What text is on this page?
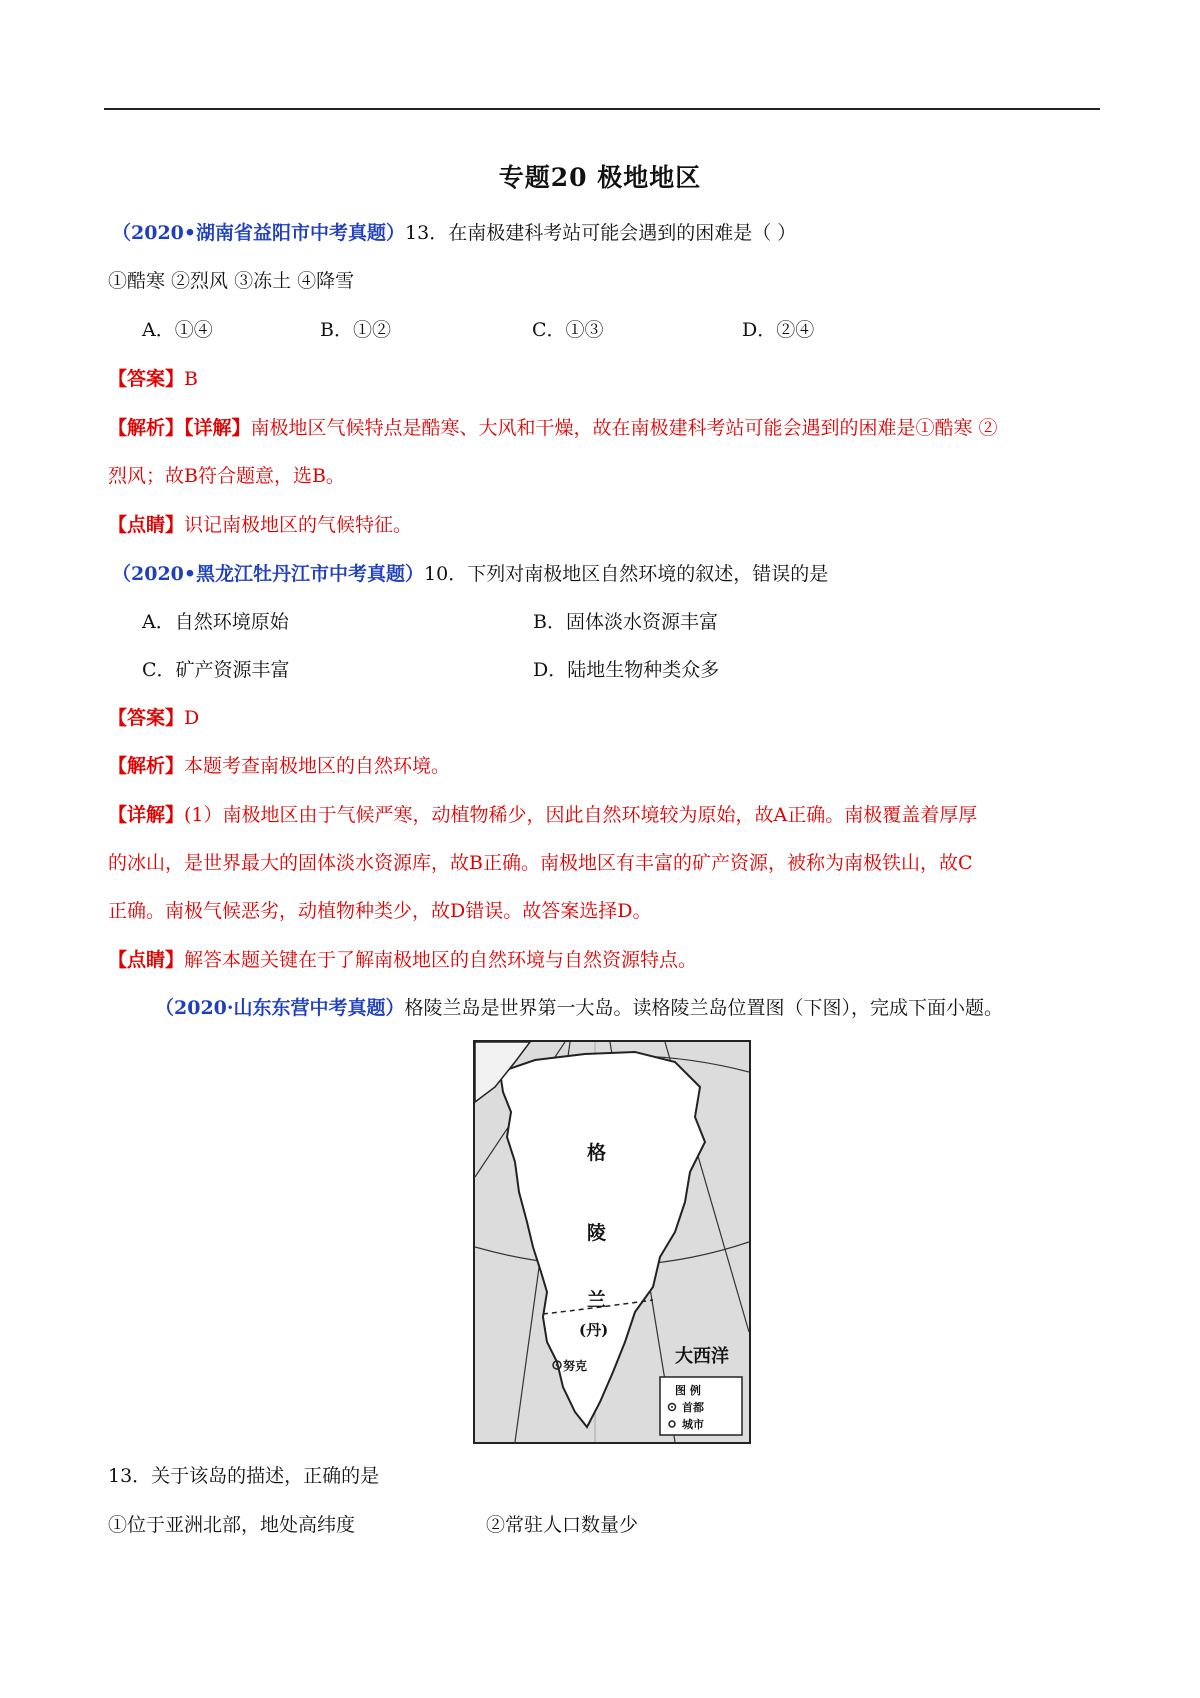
专题20 极地地区
（2020•湖南省益阳市中考真题）13．在南极建科考站可能会遇到的困难是（ ）
①酷寒 ②烈风 ③冻土 ④降雪
A．①④	B．①②	C．①③	D．②④
【答案】B
【解析】【详解】南极地区气候特点是酷寒、大风和干燥，故在南极建科考站可能会遇到的困难是①酷寒 ②
烈风；故B符合题意，选B。
【点睛】识记南极地区的气候特征。
（2020•黑龙江牡丹江市中考真题）10．下列对南极地区自然环境的叙述，错误的是
A．自然环境原始	B．固体淡水资源丰富
C．矿产资源丰富	D．陆地生物种类众多
【答案】D
【解析】本题考查南极地区的自然环境。
【详解】(1）南极地区由于气候严寒，动植物稀少，因此自然环境较为原始，故A正确。南极覆盖着厚厚
的冰山，是世界最大的固体淡水资源库，故B正确。南极地区有丰富的矿产资源，被称为南极铁山，故C
正确。南极气候恶劣，动植物种类少，故D错误。故答案选择D。
【点睛】解答本题关键在于了解南极地区的自然环境与自然资源特点。
（2020·山东东营中考真题）格陵兰岛是世界第一大岛。读格陵兰岛位置图（下图），完成下面小题。
格
陵
兰
(丹)
努克	大西洋
图 例
首都
城市
13．关于该岛的描述，正确的是
①位于亚洲北部，地处高纬度	②常驻人口数量少
